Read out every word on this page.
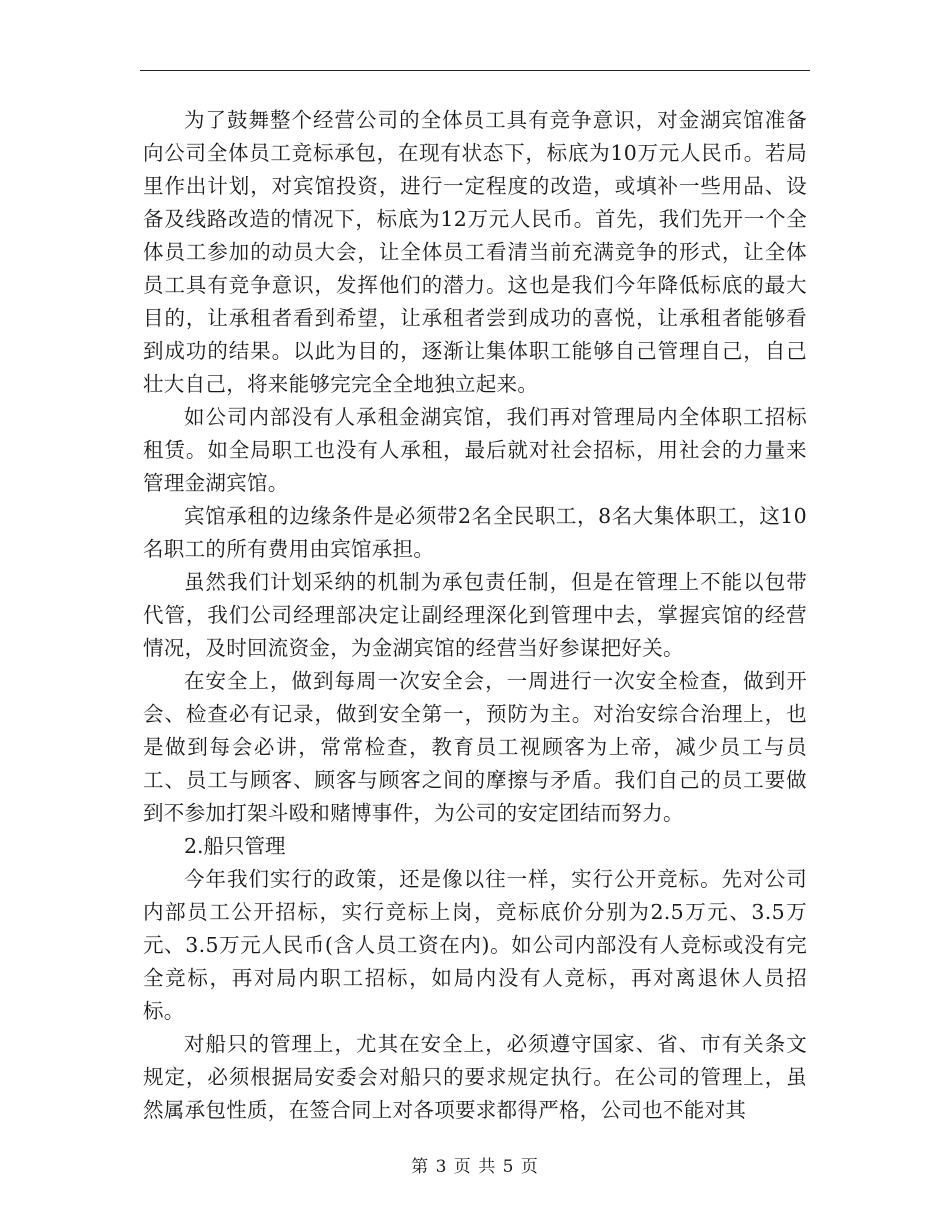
为了鼓舞整个经营公司的全体员工具有竞争意识，对金湖宾馆准备向公司全体员工竞标承包，在现有状态下，标底为10万元人民币。若局里作出计划，对宾馆投资，进行一定程度的改造，或填补一些用品、设备及线路改造的情况下，标底为12万元人民币。首先，我们先开一个全体员工参加的动员大会，让全体员工看清当前充满竞争的形式，让全体员工具有竞争意识，发挥他们的潜力。这也是我们今年降低标底的最大目的，让承租者看到希望，让承租者尝到成功的喜悦，让承租者能够看到成功的结果。以此为目的，逐渐让集体职工能够自己管理自己，自己壮大自己，将来能够完完全全地独立起来。

如公司内部没有人承租金湖宾馆，我们再对管理局内全体职工招标租赁。如全局职工也没有人承租，最后就对社会招标，用社会的力量来管理金湖宾馆。

宾馆承租的边缘条件是必须带2名全民职工，8名大集体职工，这10名职工的所有费用由宾馆承担。

虽然我们计划采纳的机制为承包责任制，但是在管理上不能以包带代管，我们公司经理部决定让副经理深化到管理中去，掌握宾馆的经营情况，及时回流资金，为金湖宾馆的经营当好参谋把好关。

在安全上，做到每周一次安全会，一周进行一次安全检查，做到开会、检查必有记录，做到安全第一，预防为主。对治安综合治理上，也是做到每会必讲，常常检查，教育员工视顾客为上帝，减少员工与员工、员工与顾客、顾客与顾客之间的摩擦与矛盾。我们自己的员工要做到不参加打架斗殴和赌博事件，为公司的安定团结而努力。

2.船只管理

今年我们实行的政策，还是像以往一样，实行公开竞标。先对公司内部员工公开招标，实行竞标上岗，竞标底价分别为2.5万元、3.5万元、3.5万元人民币(含人员工资在内)。如公司内部没有人竞标或没有完全竞标，再对局内职工招标，如局内没有人竞标，再对离退休人员招标。

对船只的管理上，尤其在安全上，必须遵守国家、省、市有关条文规定，必须根据局安委会对船只的要求规定执行。在公司的管理上，虽然属承包性质，在签合同上对各项要求都得严格，公司也不能对其

第 3 页 共 5 页
